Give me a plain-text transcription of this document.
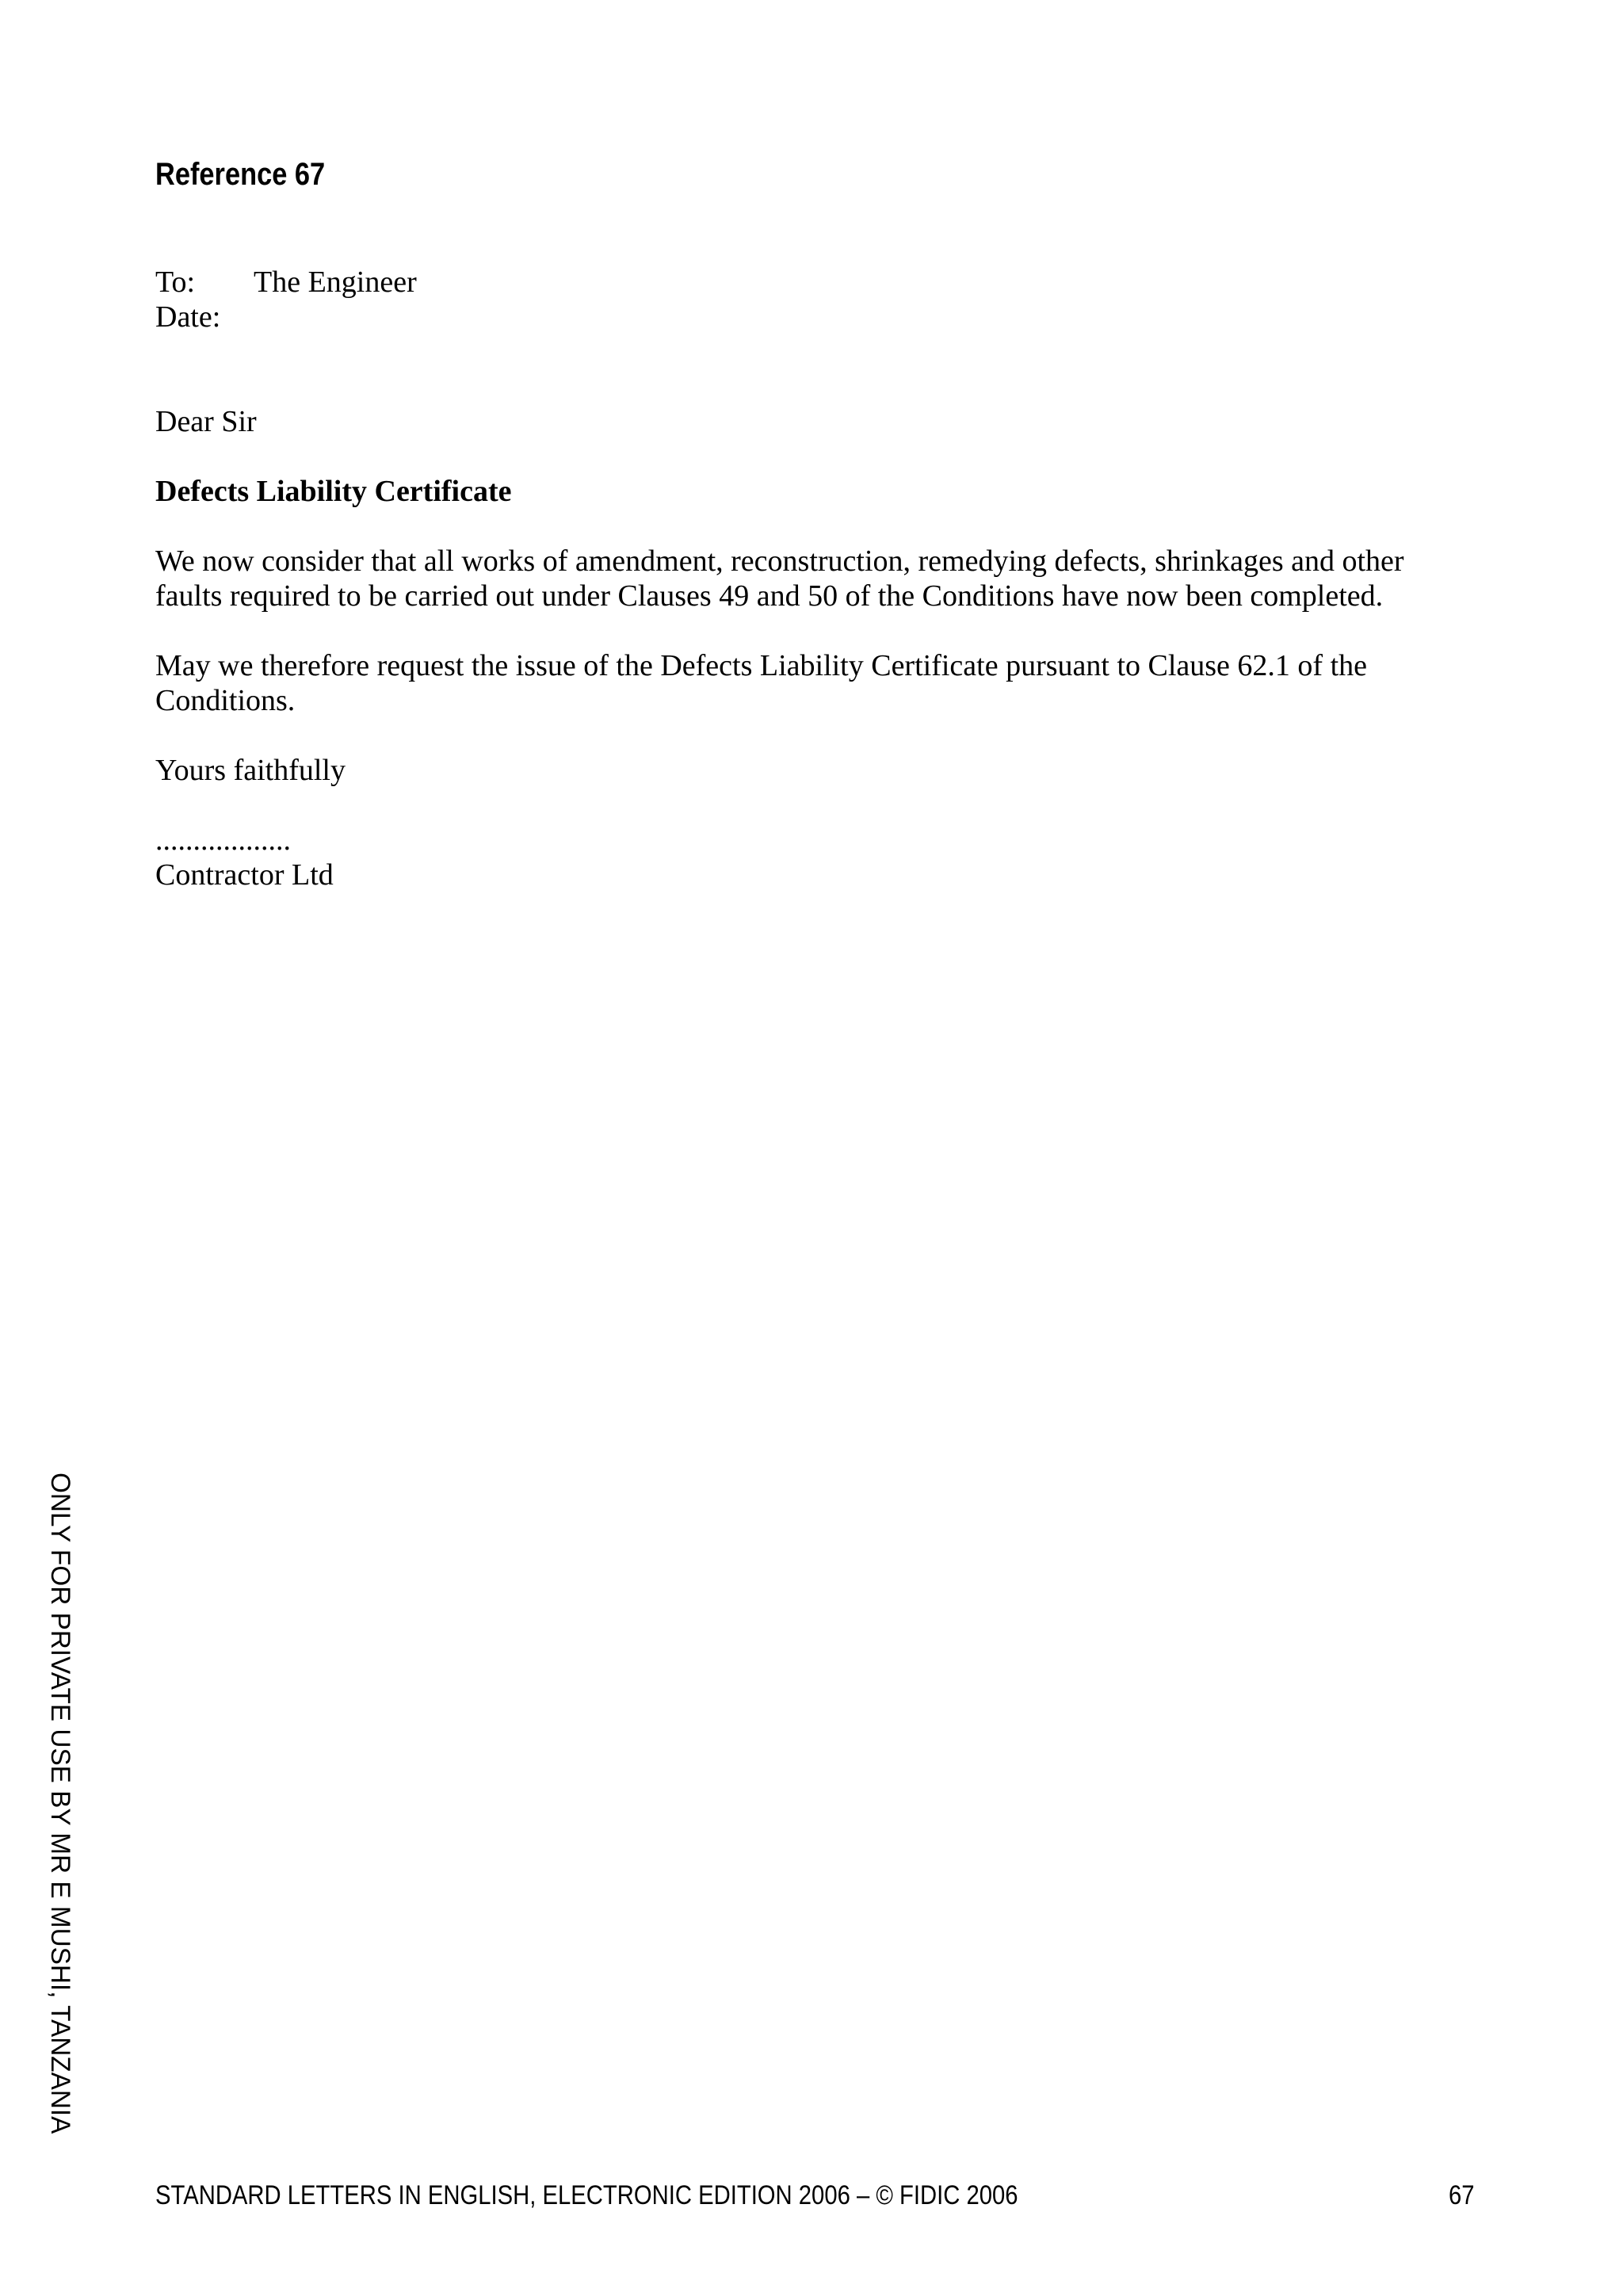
Reference 67
To:	The Engineer
Date:
Dear Sir
Defects Liability Certificate
We now consider that all works of amendment, reconstruction, remedying defects, shrinkages and other
faults required to be carried out under Clauses 49 and 50 of the Conditions have now been completed.
May we therefore request the issue of the Defects Liability Certificate pursuant to Clause 62.1 of the
Conditions.
Yours faithfully
..................
Contractor Ltd
ONLY FOR PRIVATE USE BY MR E MUSHI, TANZANIA
STANDARD LETTERS IN ENGLISH, ELECTRONIC EDITION 2006 – © FIDIC 2006	67
